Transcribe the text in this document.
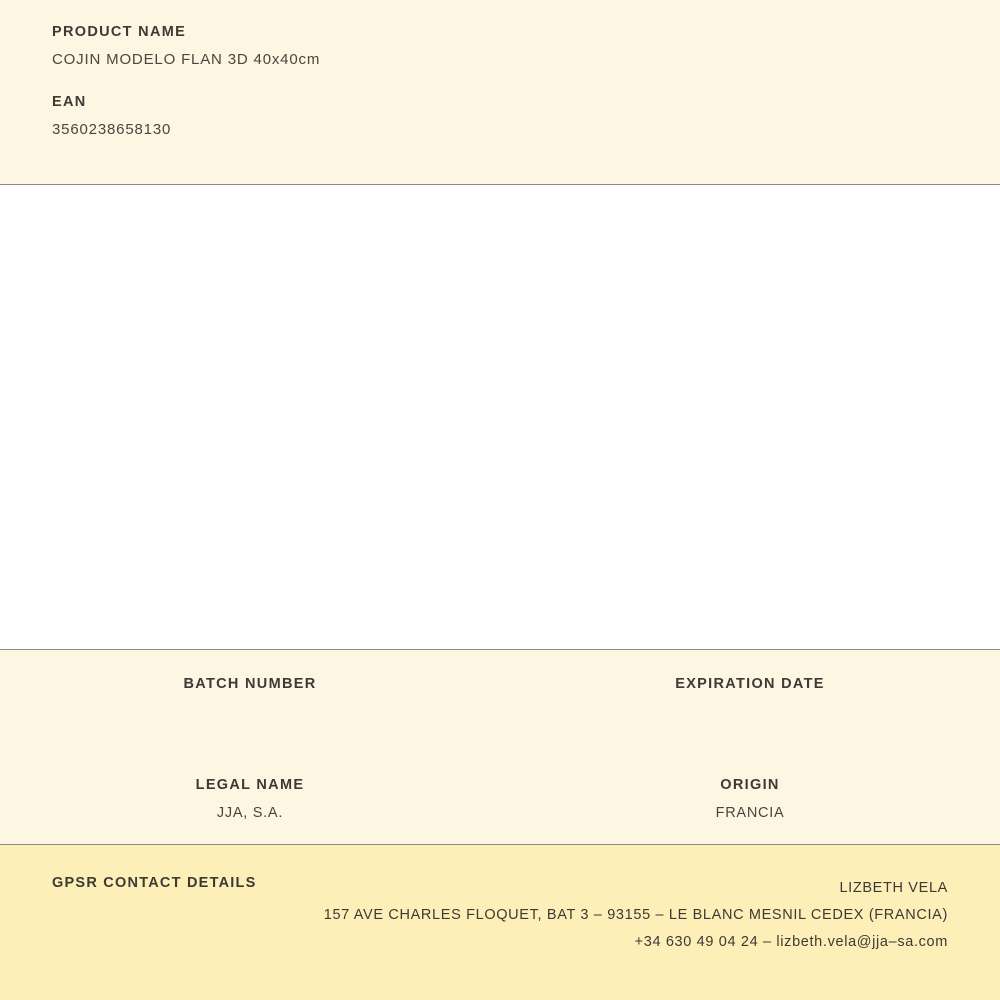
PRODUCT NAME
COJIN MODELO FLAN 3D 40x40cm
EAN
3560238658130
BATCH NUMBER	EXPIRATION DATE
LEGAL NAME
JJA, S.A.
ORIGIN
FRANCIA
GPSR CONTACT DETAILS	LIZBETH VELA
157 AVE CHARLES FLOQUET, BAT 3 – 93155 – LE BLANC MESNIL CEDEX (FRANCIA)
+34 630 49 04 24 – lizbeth.vela@jja–sa.com
